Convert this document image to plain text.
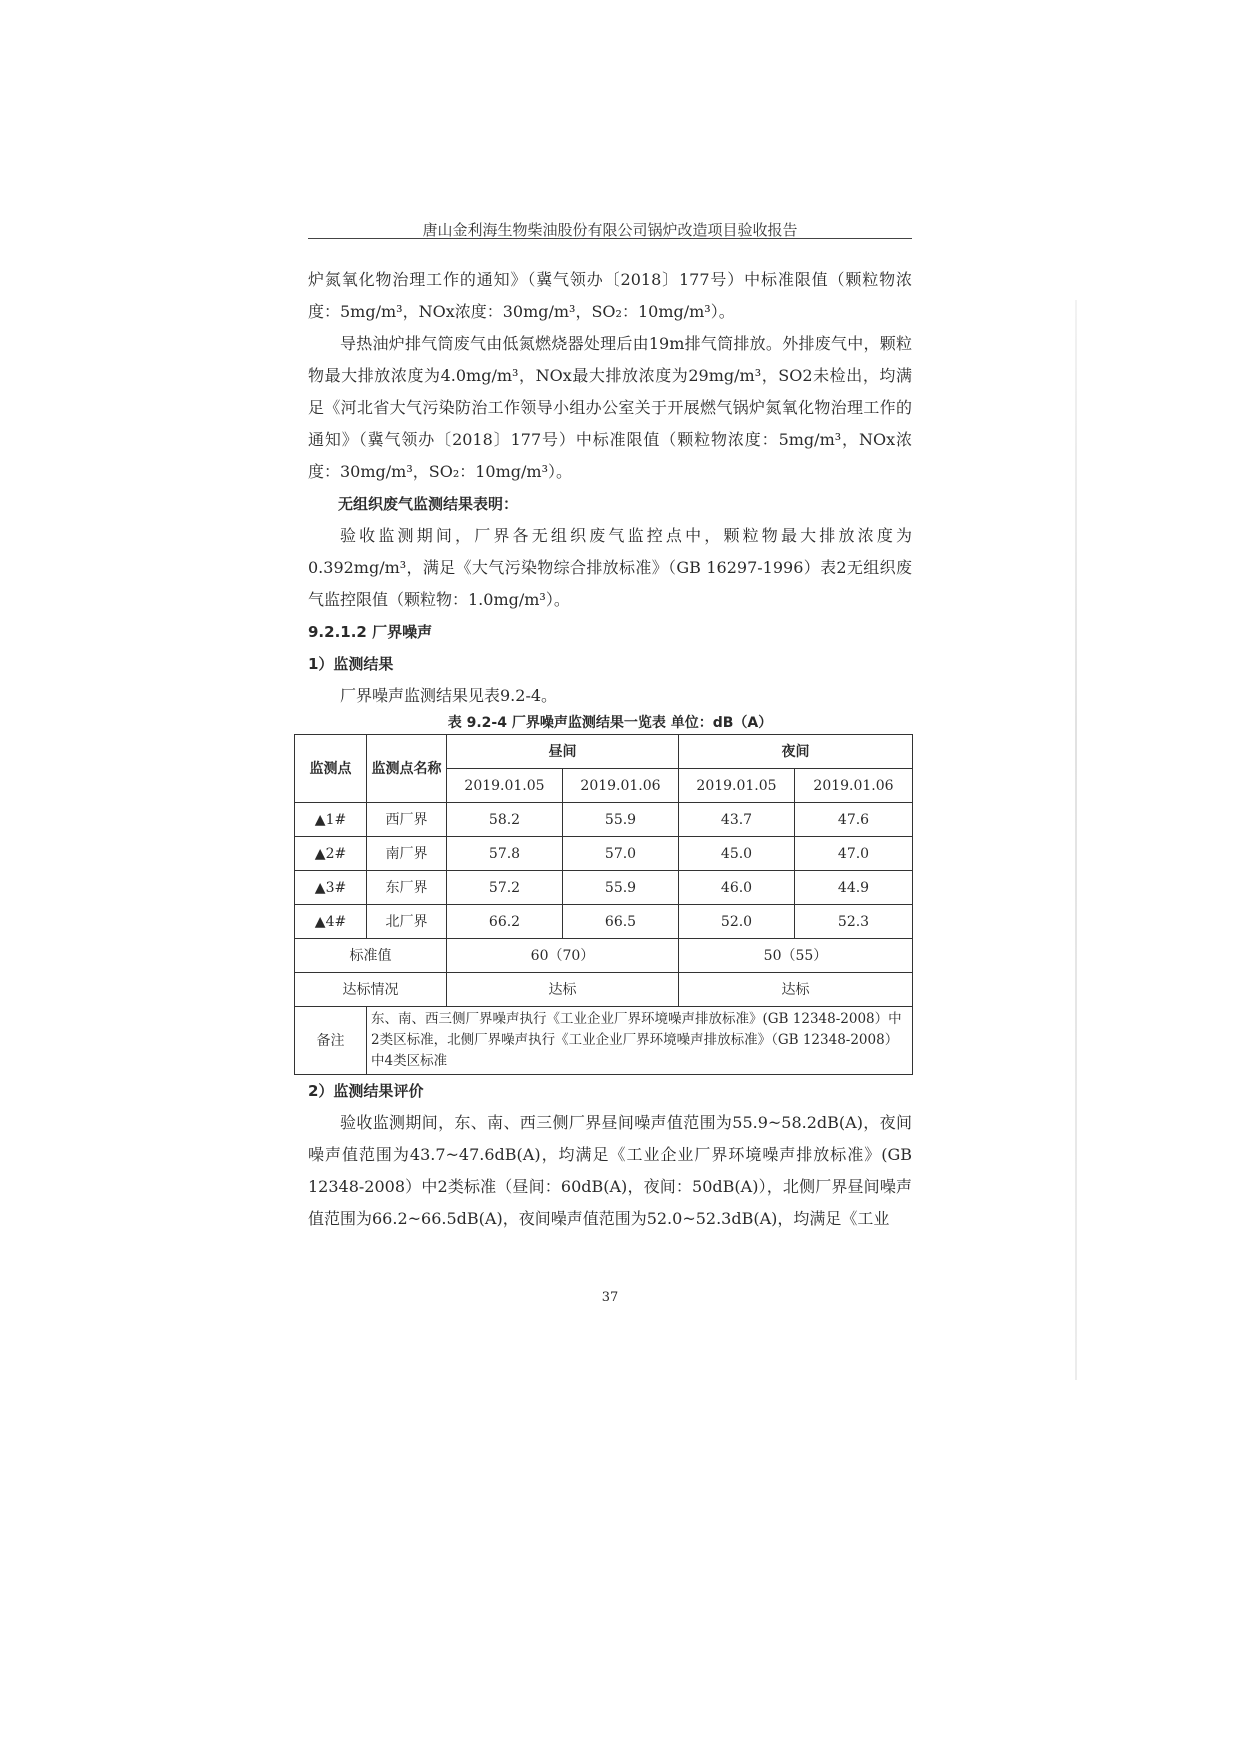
唐山金利海生物柴油股份有限公司锅炉改造项目验收报告

炉氮氧化物治理工作的通知》（冀气领办〔2018〕177号）中标准限值（颗粒物浓度：5mg/m³，NOx浓度：30mg/m³，SO₂：10mg/m³）。

导热油炉排气筒废气由低氮燃烧器处理后由19m排气筒排放。外排废气中，颗粒物最大排放浓度为4.0mg/m³，NOx最大排放浓度为29mg/m³，SO2未检出，均满足《河北省大气污染防治工作领导小组办公室关于开展燃气锅炉氮氧化物治理工作的通知》（冀气领办〔2018〕177号）中标准限值（颗粒物浓度：5mg/m³，NOx浓度：30mg/m³，SO₂：10mg/m³）。

无组织废气监测结果表明：

验收监测期间，厂界各无组织废气监控点中，颗粒物最大排放浓度为0.392mg/m³，满足《大气污染物综合排放标准》（GB 16297-1996）表2无组织废气监控限值（颗粒物：1.0mg/m³）。

9.2.1.2 厂界噪声

1）监测结果

厂界噪声监测结果见表9.2-4。

表 9.2-4 厂界噪声监测结果一览表 单位：dB（A）
监测点	监测点名称	昼间		夜间	
		2019.01.05	2019.01.06	2019.01.05	2019.01.06
▲1#	西厂界	58.2	55.9	43.7	47.6
▲2#	南厂界	57.8	57.0	45.0	47.0
▲3#	东厂界	57.2	55.9	46.0	44.9
▲4#	北厂界	66.2	66.5	52.0	52.3
标准值		60（70）		50（55）	
达标情况		达标		达标	
备注	东、南、西三侧厂界噪声执行《工业企业厂界环境噪声排放标准》(GB 12348-2008）中2类区标准，北侧厂界噪声执行《工业企业厂界环境噪声排放标准》（GB 12348-2008）中4类区标准				

2）监测结果评价

验收监测期间，东、南、西三侧厂界昼间噪声值范围为55.9~58.2dB(A)，夜间噪声值范围为43.7~47.6dB(A)，均满足《工业企业厂界环境噪声排放标准》(GB 12348-2008）中2类标准（昼间：60dB(A)，夜间：50dB(A)），北侧厂界昼间噪声值范围为66.2~66.5dB(A)，夜间噪声值范围为52.0~52.3dB(A)，均满足《工业

37
